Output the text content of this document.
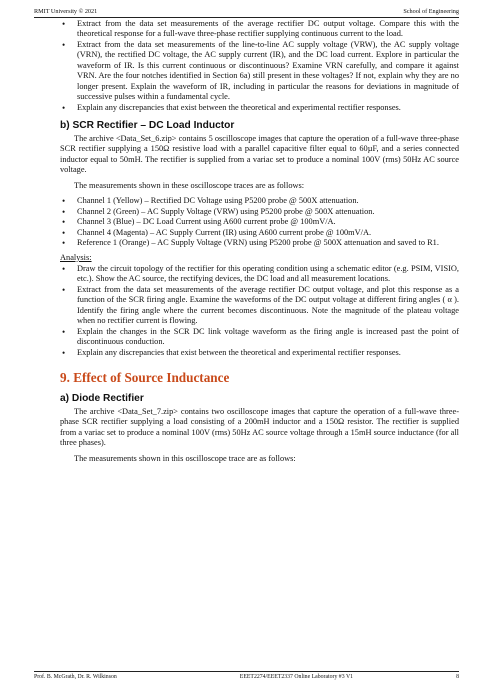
RMIT University © 2021	School of Engineering
• Extract from the data set measurements of the average rectifier DC output voltage. Compare this with the theoretical response for a full-wave three-phase rectifier supplying continuous current to the load.
• Extract from the data set measurements of the line-to-line AC supply voltage (VRW), the AC supply voltage (VRN), the rectified DC voltage, the AC supply current (IR), and the DC load current. Explore in particular the waveform of IR. Is this current continuous or discontinuous? Examine VRN carefully, and compare it against VRN. Are the four notches identified in Section 6a) still present in these voltages? If not, explain why they are no longer present. Explain the waveform of IR, including in particular the reasons for deviations in magnitude of successive pulses within a fundamental cycle.
• Explain any discrepancies that exist between the theoretical and experimental rectifier responses.
b) SCR Rectifier – DC Load Inductor

The archive <Data_Set_6.zip> contains 5 oscilloscope images that capture the operation of a full-wave three-phase SCR rectifier supplying a 150Ω resistive load with a parallel capacitive filter equal to 60µF, and a series connected inductor equal to 50mH. The rectifier is supplied from a variac set to produce a nominal 100V (rms) 50Hz AC source voltage.

The measurements shown in these oscilloscope traces are as follows:

• Channel 1 (Yellow) – Rectified DC Voltage using P5200 probe @ 500X attenuation.
• Channel 2 (Green) – AC Supply Voltage (VRW) using P5200 probe @ 500X attenuation.
• Channel 3 (Blue) – DC Load Current using A600 current probe @ 100mV/A.
• Channel 4 (Magenta) – AC Supply Current (IR) using A600 current probe @ 100mV/A.
• Reference 1 (Orange) – AC Supply Voltage (VRN) using P5200 probe @ 500X attenuation and saved to R1.
Analysis:
• Draw the circuit topology of the rectifier for this operating condition using a schematic editor (e.g. PSIM, VISIO, etc.). Show the AC source, the rectifying devices, the DC load and all measurement locations.
• Extract from the data set measurements of the average rectifier DC output voltage, and plot this response as a function of the SCR firing angle. Examine the waveforms of the DC output voltage at different firing angles ( α ). Identify the firing angle where the current becomes discontinuous. Note the magnitude of the plateau voltage when no rectifier current is flowing.
• Explain the changes in the SCR DC link voltage waveform as the firing angle is increased past the point of discontinuous conduction.
• Explain any discrepancies that exist between the theoretical and experimental rectifier responses.
9. Effect of Source Inductance
a) Diode Rectifier

The archive <Data_Set_7.zip> contains two oscilloscope images that capture the operation of a full-wave three-phase SCR rectifier supplying a load consisting of a 200mH inductor and a 150Ω resistor. The rectifier is supplied from a variac set to produce a nominal 100V (rms) 50Hz AC source voltage through a 15mH source inductance (for all three phases).

The measurements shown in this oscilloscope trace are as follows:

Prof. B. McGrath, Dr. R. Wilkinson	EEET2274/EEET2337 Online Laboratory #3 V1	8
